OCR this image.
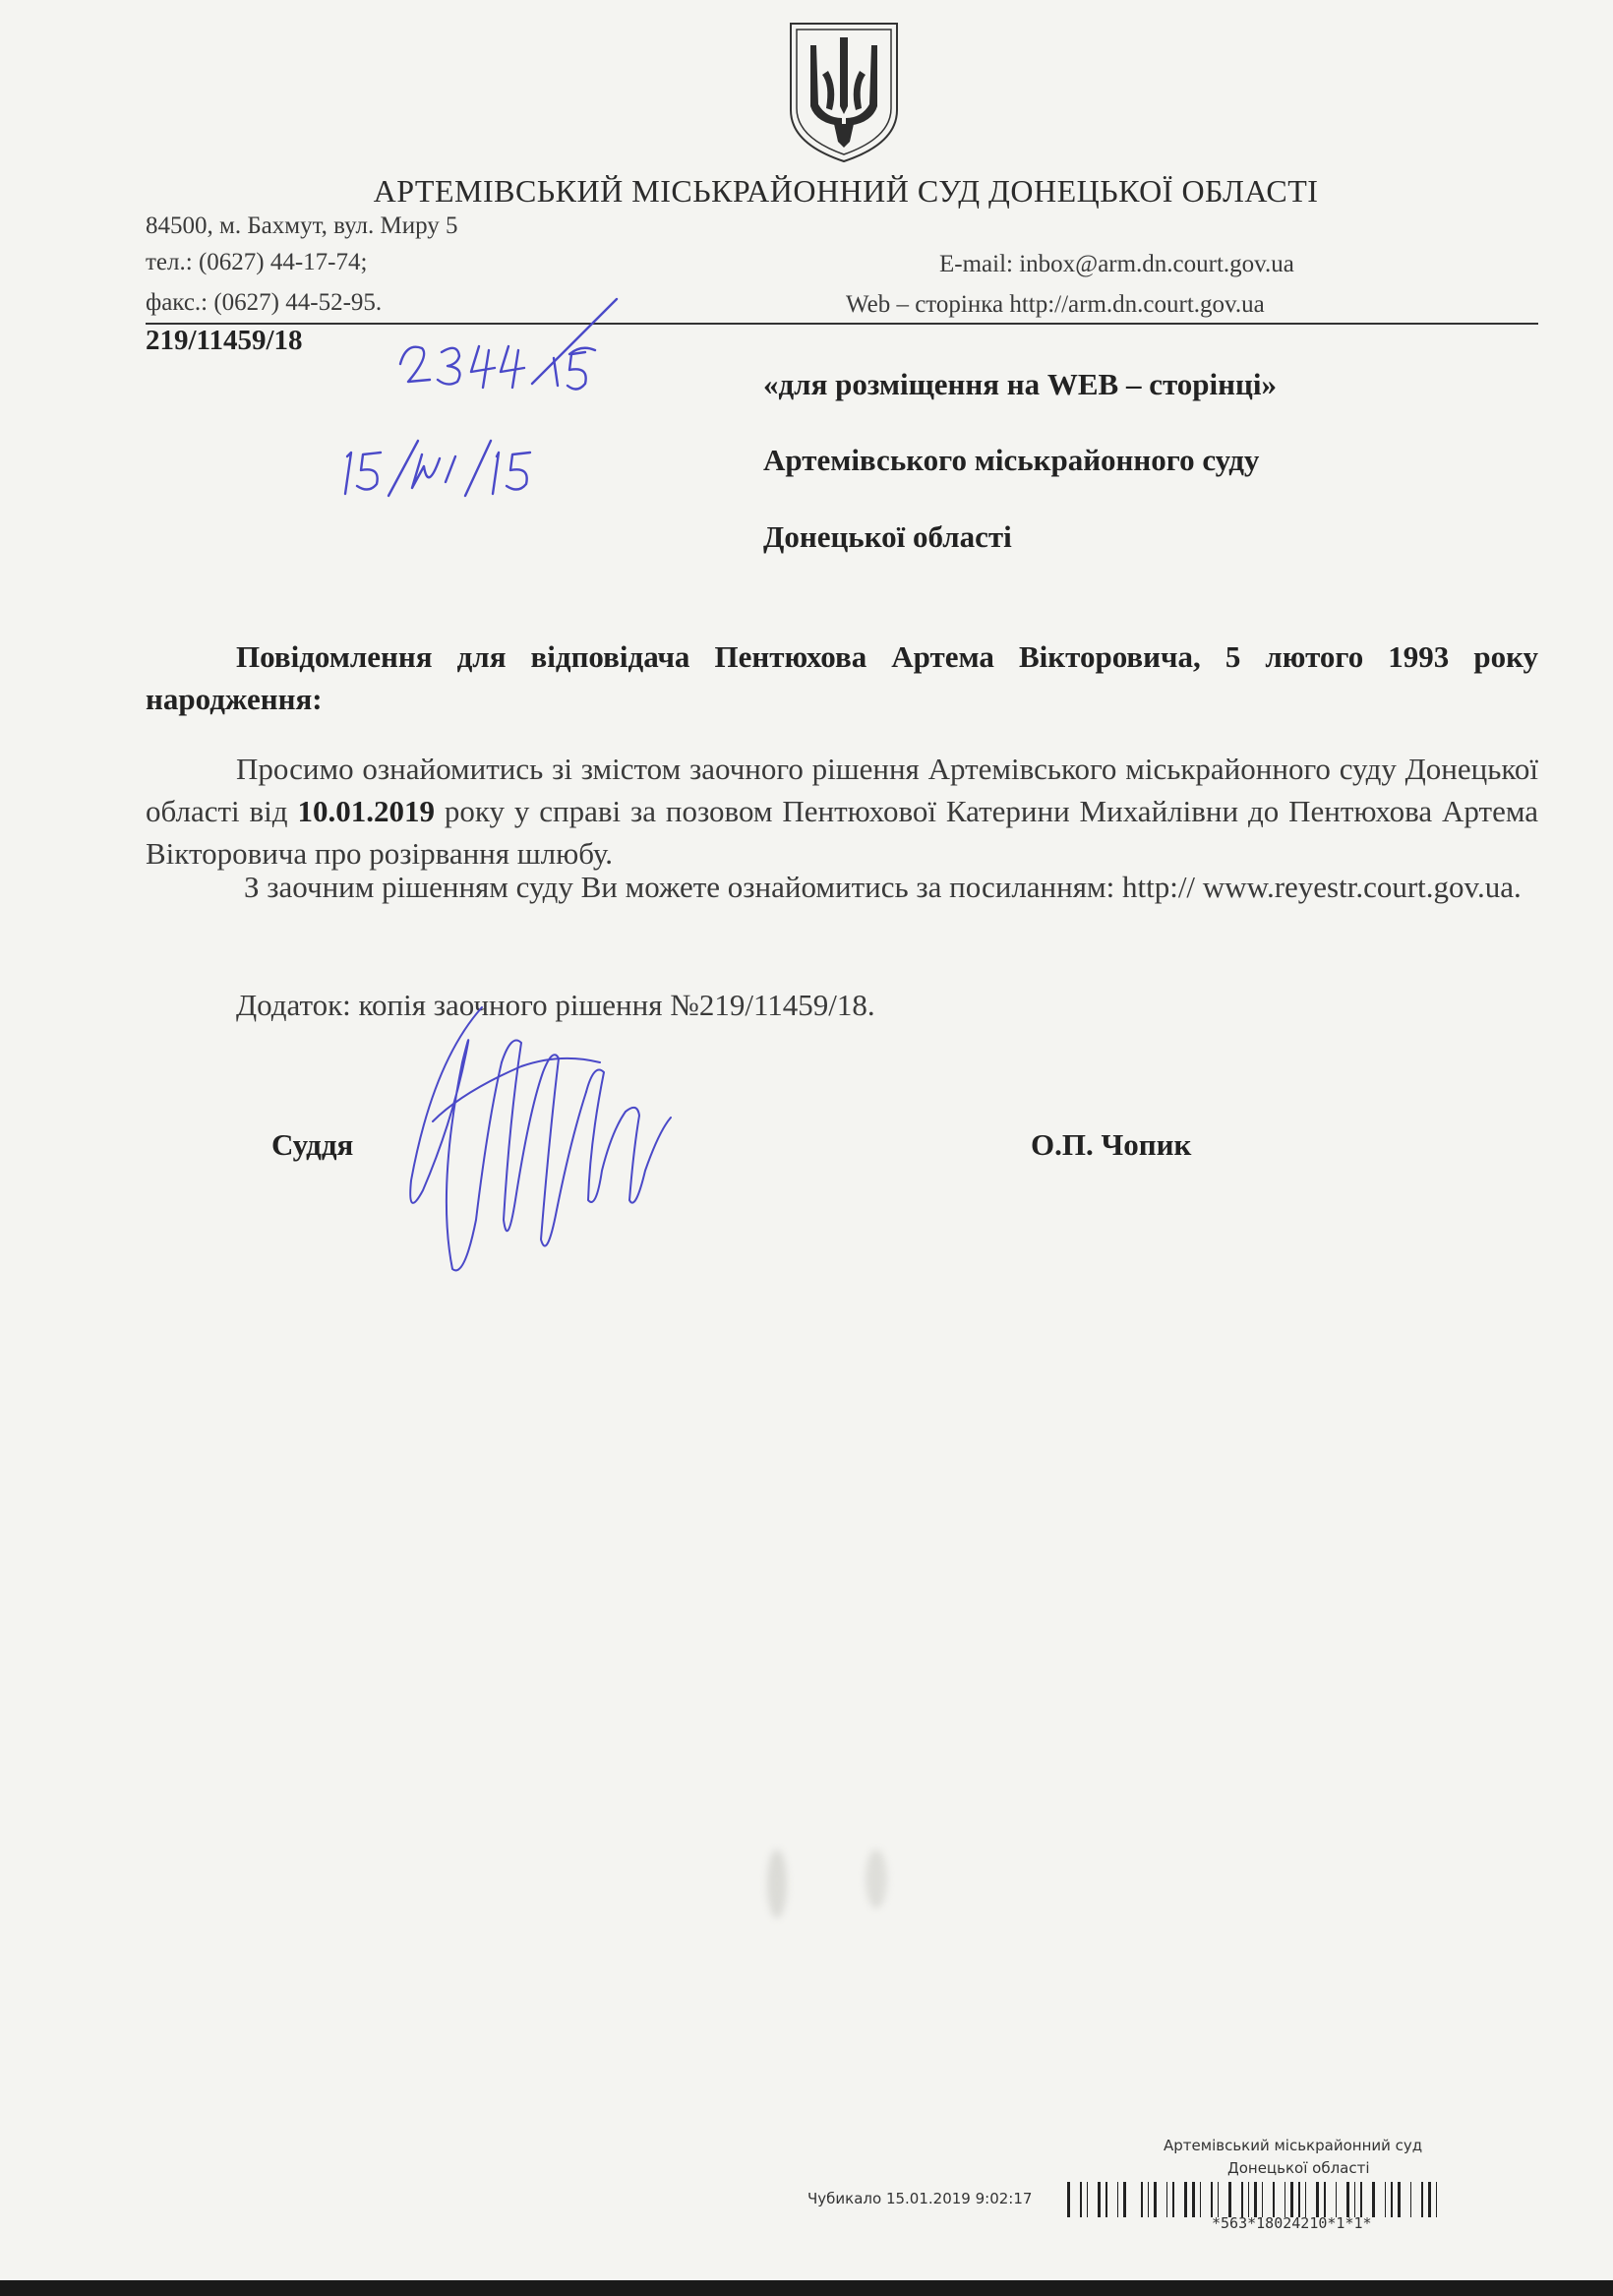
АРТЕМІВСЬКИЙ МІСЬКРАЙОННИЙ СУД ДОНЕЦЬКОЇ ОБЛАСТІ
84500, м. Бахмут, вул. Миру 5
тел.: (0627) 44-17-74;	E-mail: inbox@arm.dn.court.gov.ua
факс.: (0627) 44-52-95.	Web – сторінка http://arm.dn.court.gov.ua
219/11459/18
«для розміщення на WEB – сторінці»
Артемівського міськрайонного суду
Донецької області
Повідомлення для відповідача Пентюхова Артема Вікторовича, 5 лютого 1993 року народження:
Просимо ознайомитись зі змістом заочного рішення Артемівського міськрайонного суду Донецької області від 10.01.2019 року у справі за позовом Пентюхової Катерини Михайлівни до Пентюхова Артема Вікторовича про розірвання шлюбу.
З заочним рішенням суду Ви можете ознайомитись за посиланням: http:// www.reyestr.court.gov.ua.
Додаток: копія заочного рішення №219/11459/18.
Суддя	О.П. Чопик
Артемівський міськрайонний суд
Донецької області
Чубикало 15.01.2019 9:02:17
*563*18024210*1*1*
